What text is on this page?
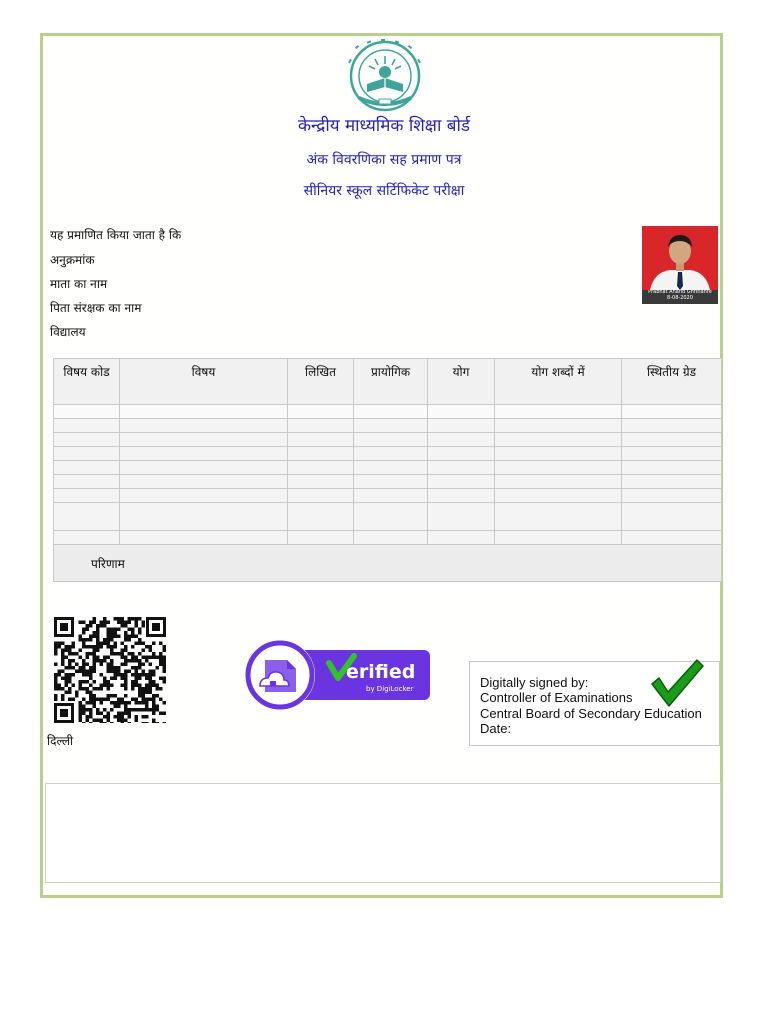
केन्द्रीय माध्यमिक शिक्षा बोर्ड
अंक विवरणिका सह प्रमाण पत्र
सीनियर स्कूल सर्टिफिकेट परीक्षा
यह प्रमाणित किया जाता है कि
अनुक्रमांक
माता का नाम
पिता संरक्षक का नाम
विद्यालय
Prabhat Anand Ghritlahre
8-08-2020
विषय कोड	विषय	लिखित	प्रायोगिक	योग	योग शब्दों में	स्थितीय ग्रेड

परिणाम						
erified
by DigiLocker	Digitally signed by:
Controller of Examinations
Central Board of Secondary Education
Date:
दिल्ली
